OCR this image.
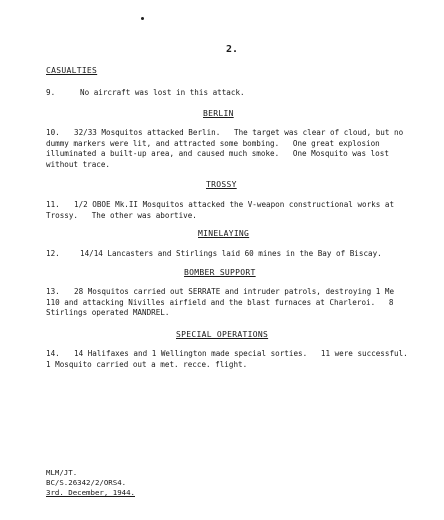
2.
CASUALTIES
9.	No aircraft was lost in this attack.
BERLIN
10.	32/33 Mosquitos attacked Berlin.   The target was clear of cloud, but no
dummy markers were lit, and attracted some bombing.   One great explosion
illuminated a built-up area, and caused much smoke.   One Mosquito was lost
without trace.
TROSSY
11.	1/2 OBOE Mk.II Mosquitos attacked the V-weapon constructional works at
Trossy.   The other was abortive.
MINELAYING
12.	14/14 Lancasters and Stirlings laid 60 mines in the Bay of Biscay.
BOMBER SUPPORT
13.	28 Mosquitos carried out SERRATE and intruder patrols, destroying 1 Me
110 and attacking Nivilles airfield and the blast furnaces at Charleroi.   8
Stirlings operated MANDREL.
SPECIAL OPERATIONS
14.	14 Halifaxes and 1 Wellington made special sorties.   11 were successful.
1 Mosquito carried out a met. recce. flight.
MLM/JT.
BC/S.26342/2/ORS4.
3rd. December, 1944.
